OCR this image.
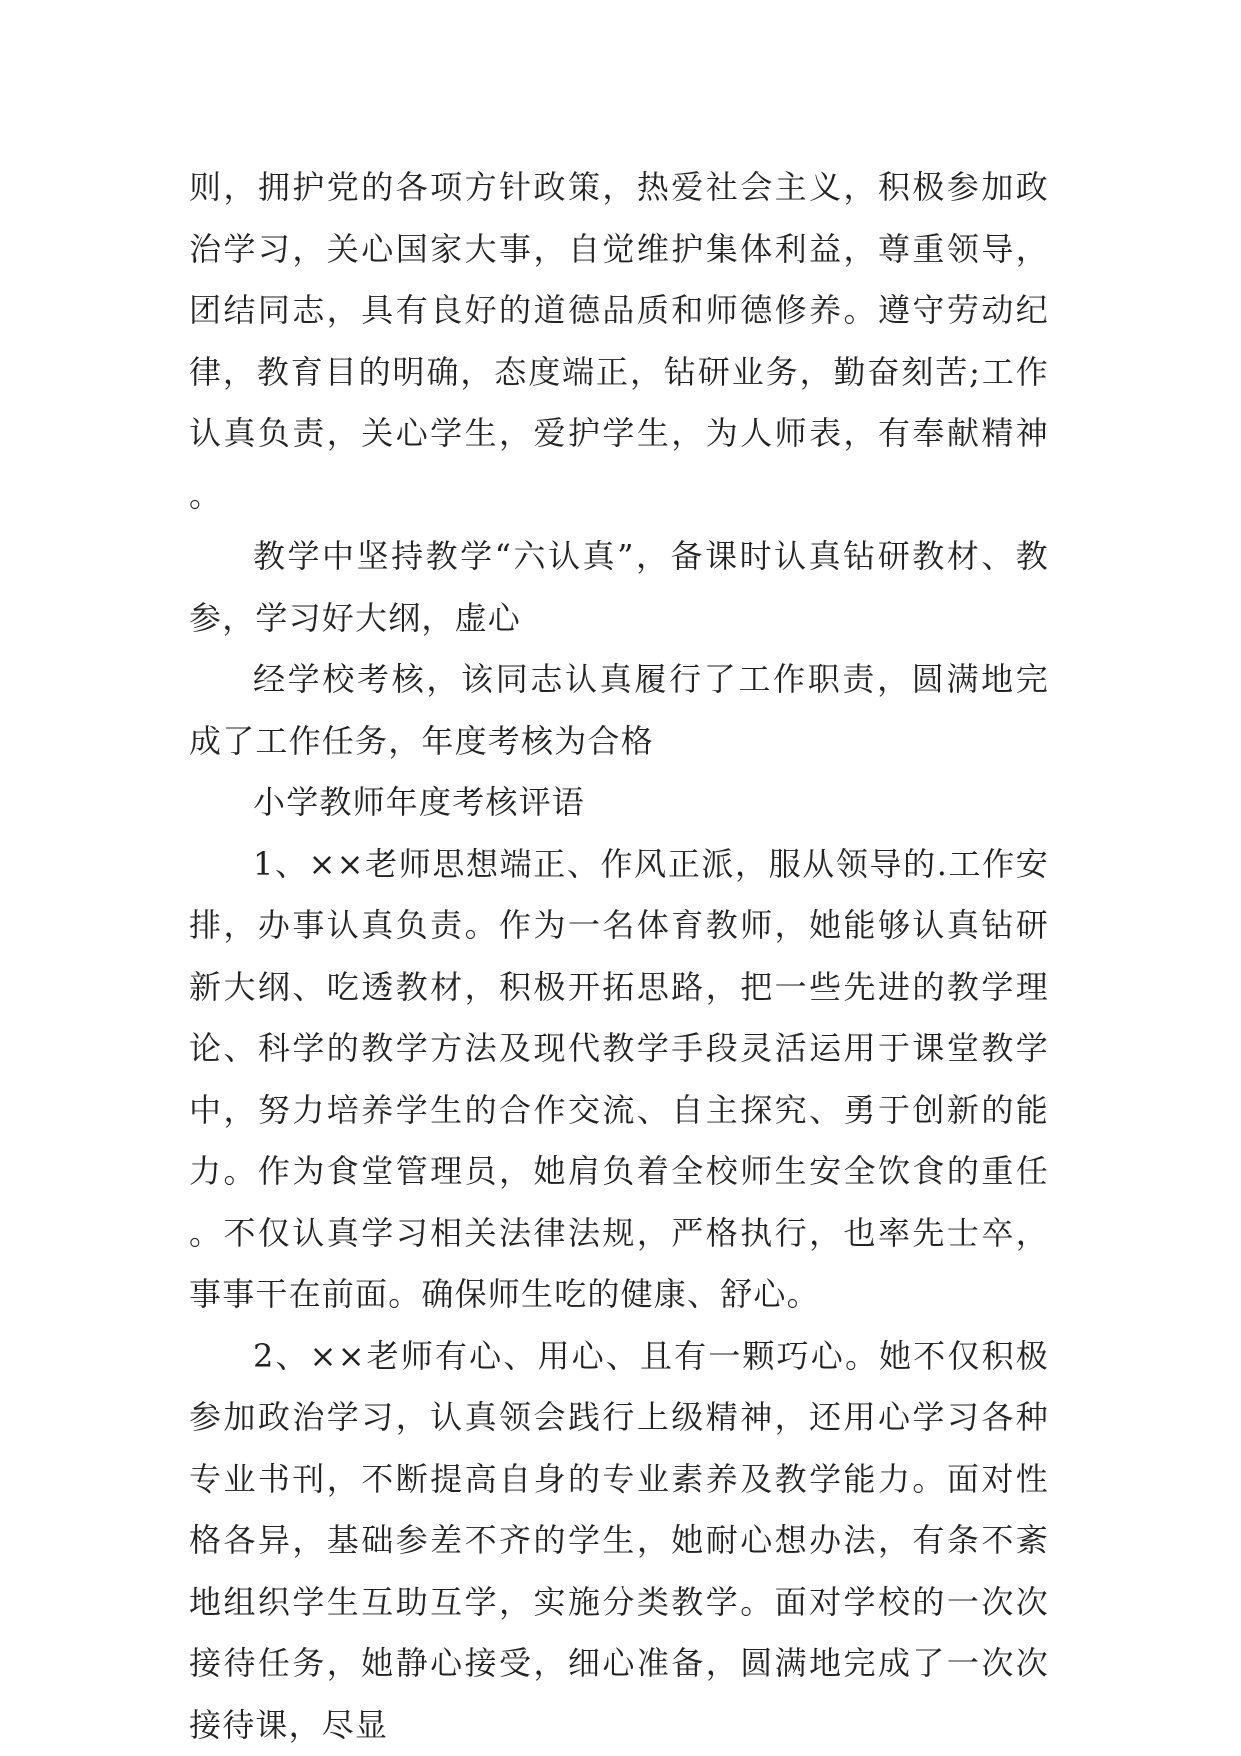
则，拥护党的各项方针政策，热爱社会主义，积极参加政治学习，关心国家大事，自觉维护集体利益，尊重领导，团结同志，具有良好的道德品质和师德修养。遵守劳动纪律，教育目的明确，态度端正，钻研业务，勤奋刻苦;工作认真负责，关心学生，爱护学生，为人师表，有奉献精神。

教学中坚持教学“六认真”，备课时认真钻研教材、教参，学习好大纲，虚心

经学校考核，该同志认真履行了工作职责，圆满地完成了工作任务，年度考核为合格

小学教师年度考核评语

1、××老师思想端正、作风正派，服从领导的.工作安排，办事认真负责。作为一名体育教师，她能够认真钻研新大纲、吃透教材，积极开拓思路，把一些先进的教学理论、科学的教学方法及现代教学手段灵活运用于课堂教学中，努力培养学生的合作交流、自主探究、勇于创新的能力。作为食堂管理员，她肩负着全校师生安全饮食的重任。不仅认真学习相关法律法规，严格执行，也率先士卒，事事干在前面。确保师生吃的健康、舒心。

2、××老师有心、用心、且有一颗巧心。她不仅积极参加政治学习，认真领会践行上级精神，还用心学习各种专业书刊，不断提高自身的专业素养及教学能力。面对性格各异，基础参差不齐的学生，她耐心想办法，有条不紊地组织学生互助互学，实施分类教学。面对学校的一次次接待任务，她静心接受，细心准备，圆满地完成了一次次接待课，尽显
